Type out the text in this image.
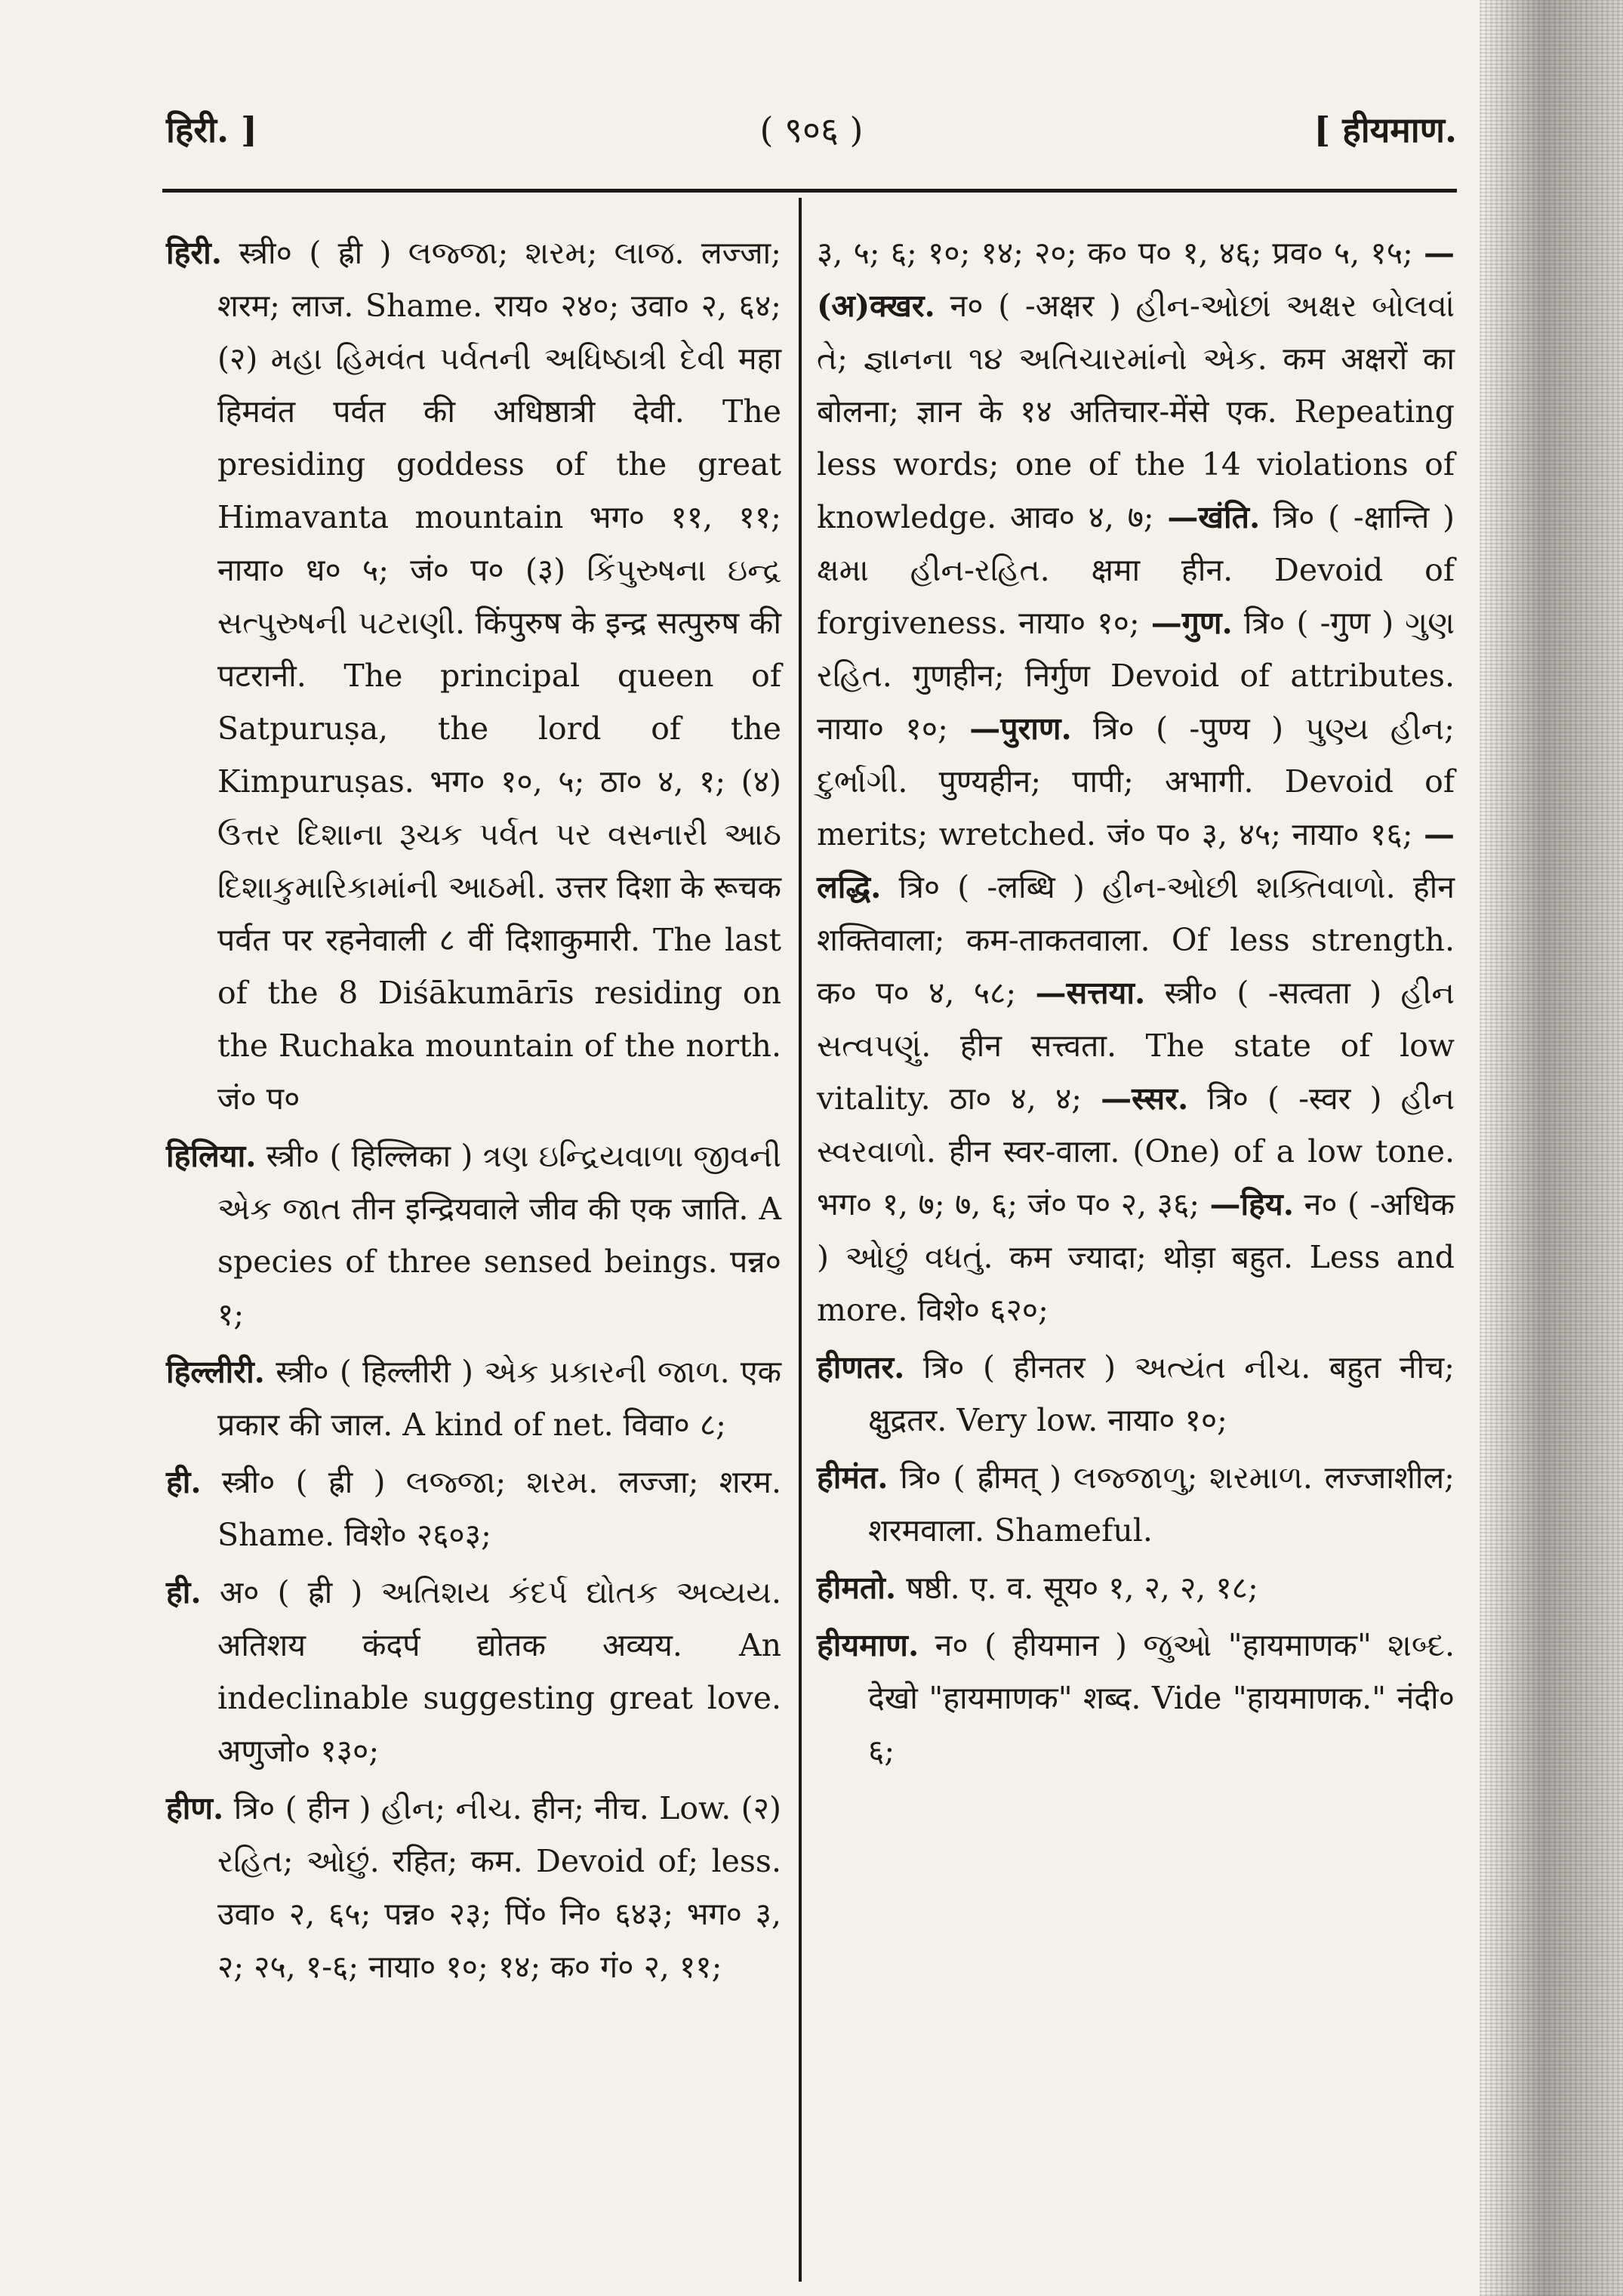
हिरी. ]	( ९०६ )	[ हीयमाण.

हिरी. स्त्री० ( ह्री ) લજ્જા; શરમ; લાજ. लज्जा; शरम; लाज. Shame. राय० २४०; उवा० २, ६४; (२) મહા હિમવંત પર્વતની અધિષ્ઠાત્રી દેવી महा हिमवंत पर्वत की अधिष्ठात्री देवी. The presiding goddess of the great Himavanta mountain भग० ११, ११; नाया० ध० ५; जं० प० (३) કિંપુરુષના ઇન્દ્ર સત્પુરુષની પટરાણી. किंपुरुष के इन्द्र सत्पुरुष की पटरानी. The principal queen of Satpuruṣa, the lord of the Kimpuruṣas. भग० १०, ५; ठा० ४, १; (४) ઉત્તર દિશાના રૂચક પર્વત પર વસનારી આઠ દિશાકુમારિકામાંની આઠમી. उत्तर दिशा के रूचक पर्वत पर रहनेवाली ८ वीं दिशाकुमारी. The last of the 8 Diśākumārīs residing on the Ruchaka mountain of the north. जं० प०

हिलिया. स्त्री० ( हिल्लिका ) ત્રણ ઇન્દ્રિયવાળા જીવની એક જાત तीन इन्द्रियवाले जीव की एक जाति. A species of three sensed beings. पन्न० १;

हिल्लीरी. स्त्री० ( हिल्लीरी ) એક પ્રકારની જાળ. एक प्रकार की जाल. A kind of net. विवा० ८;

ही. स्त्री० ( ह्री ) લજ્જા; શરમ. लज्जा; शरम. Shame. विशे० २६०३;

ही. अ० ( ह्री ) અતિશય કંદર્પ દ્યોતક અવ્યય. अतिशय कंदर्प द्योतक अव्यय. An indeclinable suggesting great love. अणुजो० १३०;

हीण. त्रि० ( हीन ) હીન; નીચ. हीन; नीच. Low. (२) રહિત; ઓછું. रहित; कम. Devoid of; less. उवा० २, ६५; पन्न० २३; पिं० नि० ६४३; भग० ३, २; २५, १-६; नाया० १०; १४; क० गं० २, ११;

३, ५; ६; १०; १४; २०; क० प० १, ४६; प्रव० ५, १५; —(अ)क्खर. न० ( -अक्षर ) હીન-ઓછાં અક્ષર બોલવાં તે; જ્ઞાનના ૧૪ અતિચારમાંનો એક. कम अक्षरों का बोलना; ज्ञान के १४ अतिचार-मेंसे एक. Repeating less words; one of the 14 violations of knowledge. आव० ४, ७; —खंति. त्रि० ( -क्षान्ति ) ક્ષમા હીન-રહિત. क्षमा हीन. Devoid of forgiveness. नाया० १०; —गुण. त्रि० ( -गुण ) ગુણ રહિત. गुणहीन; निर्गुण Devoid of attributes. नाया० १०; —पुराण. त्रि० ( -पुण्य ) પુણ્ય હીન; દુર્ભાગી. पुण्यहीन; पापी; अभागी. Devoid of merits; wretched. जं० प० ३, ४५; नाया० १६; —लद्धि. त्रि० ( -लब्धि ) હીન-ઓછી શક્તિવાળો. हीन शक्तिवाला; कम-ताकतवाला. Of less strength. क० प० ४, ५८; —सत्तया. स्त्री० ( -सत्वता ) હીન સત્વપણું. हीन सत्त्वता. The state of low vitality. ठा० ४, ४; —स्सर. त्रि० ( -स्वर ) હીન સ્વરવાળો. हीन स्वर-वाला. (One) of a low tone. भग० १, ७; ७, ६; जं० प० २, ३६; —हिय. न० ( -अधिक ) ઓછું વધતું. कम ज्यादा; थोड़ा बहुत. Less and more. विशे० ६२०;

हीणतर. त्रि० ( हीनतर ) અત્યંત નીચ. बहुत नीच; क्षुद्रतर. Very low. नाया० १०;

हीमंत. त्रि० ( ह्रीमत् ) લજ્જાળુ; શરમાળ. लज्जाशील; शरमवाला. Shameful.

हीमतो. षष्ठी. ए. व. सूय० १, २, २, १८;

हीयमाण. न० ( हीयमान ) જુઓ "हायमाणक" શબ્દ. देखो "हायमाणक" शब्द. Vide "हायमाणक." नंदी० ६;
